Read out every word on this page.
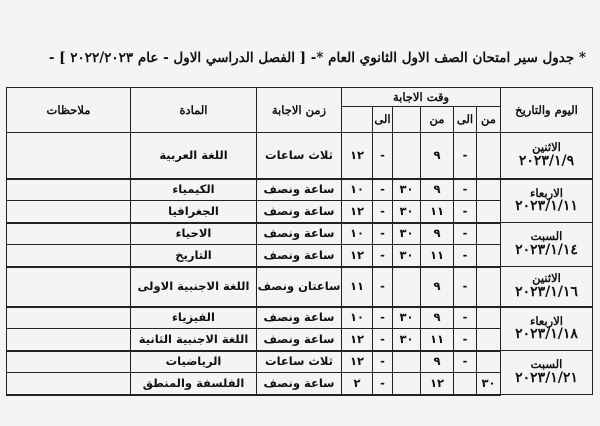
* جدول سير امتحان الصف الاول الثانوي العام *- [ الفصل الدراسي الاول - عام ٢٠٢٢/٢٠٢٣ ] -
اليوم والتاريخ	وقت الاجابة						زمن الاجابة	المادة	ملاحظات
	من	الى	من		الى				

الاثنين
٢٠٢٣/١/٩		-	٩		-	١٢	ثلاث ساعات	اللغة العربية	

الاربعاء
٢٠٢٣/١/١١		-	٩	٣٠	-	١٠	ساعة ونصف	الكيمياء	
		-	١١	٣٠	-	١٢	ساعة ونصف	الجغرافيا	

السبت
٢٠٢٣/١/١٤		-	٩	٣٠	-	١٠	ساعة ونصف	الاحياء	
		-	١١	٣٠	-	١٢	ساعة ونصف	التاريخ	

الاثنين
٢٠٢٣/١/١٦		-	٩		-	١١	ساعتان ونصف	اللغة الاجنبية الاولى	

الاربعاء
٢٠٢٣/١/١٨		-	٩	٣٠	-	١٠	ساعة ونصف	الفيزياء	
		-	١١	٣٠	-	١٢	ساعة ونصف	اللغة الاجنبية الثانية	

السبت
٢٠٢٣/١/٢١		-	٩		-	١٢	ثلاث ساعات	الرياضيات	
	٣٠		١٢		-	٢	ساعة ونصف	الفلسفة والمنطق	
